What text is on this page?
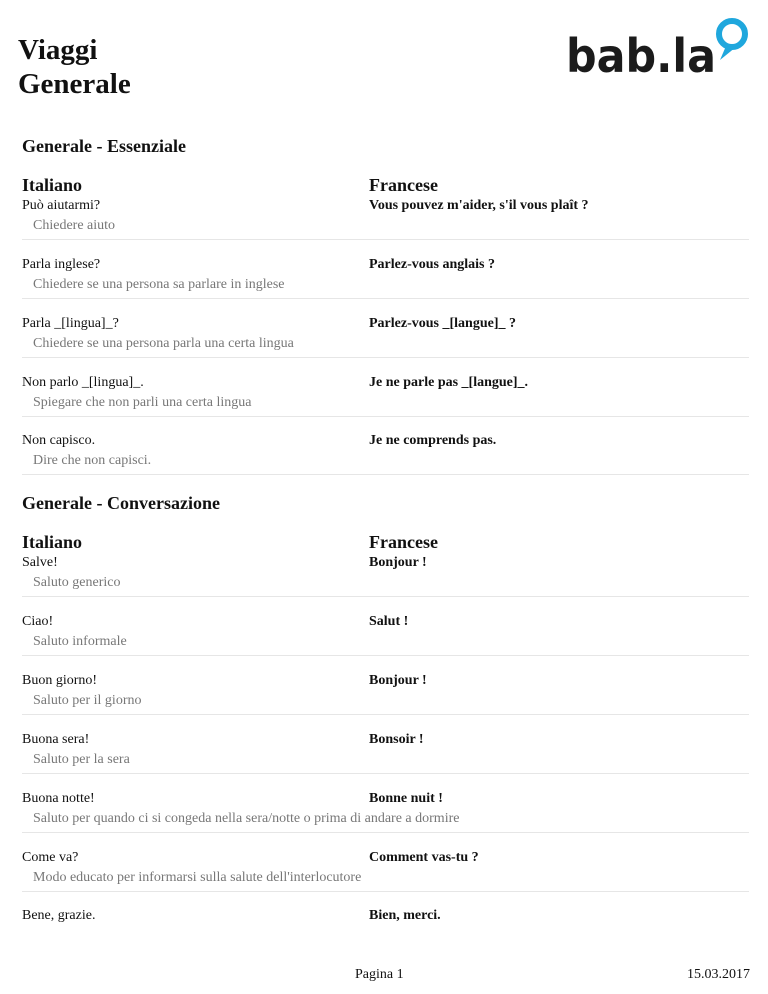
Viaggi
Generale
bab.la
Generale - Essenziale
Italiano	Francese
Può aiutarmi?	Vous pouvez m'aider, s'il vous plaît ?
Chiedere aiuto
Parla inglese?	Parlez-vous anglais ?
Chiedere se una persona sa parlare in inglese
Parla _[lingua]_?	Parlez-vous _[langue]_ ?
Chiedere se una persona parla una certa lingua
Non parlo _[lingua]_.	Je ne parle pas _[langue]_.
Spiegare che non parli una certa lingua
Non capisco.	Je ne comprends pas.
Dire che non capisci.
Generale - Conversazione
Italiano	Francese
Salve!	Bonjour !
Saluto generico
Ciao!	Salut !
Saluto informale
Buon giorno!	Bonjour !
Saluto per il giorno
Buona sera!	Bonsoir !
Saluto per la sera
Buona notte!	Bonne nuit !
Saluto per quando ci si congeda nella sera/notte o prima di andare a dormire
Come va?	Comment vas-tu ?
Modo educato per informarsi sulla salute dell'interlocutore
Bene, grazie.	Bien, merci.
Pagina 1	15.03.2017
